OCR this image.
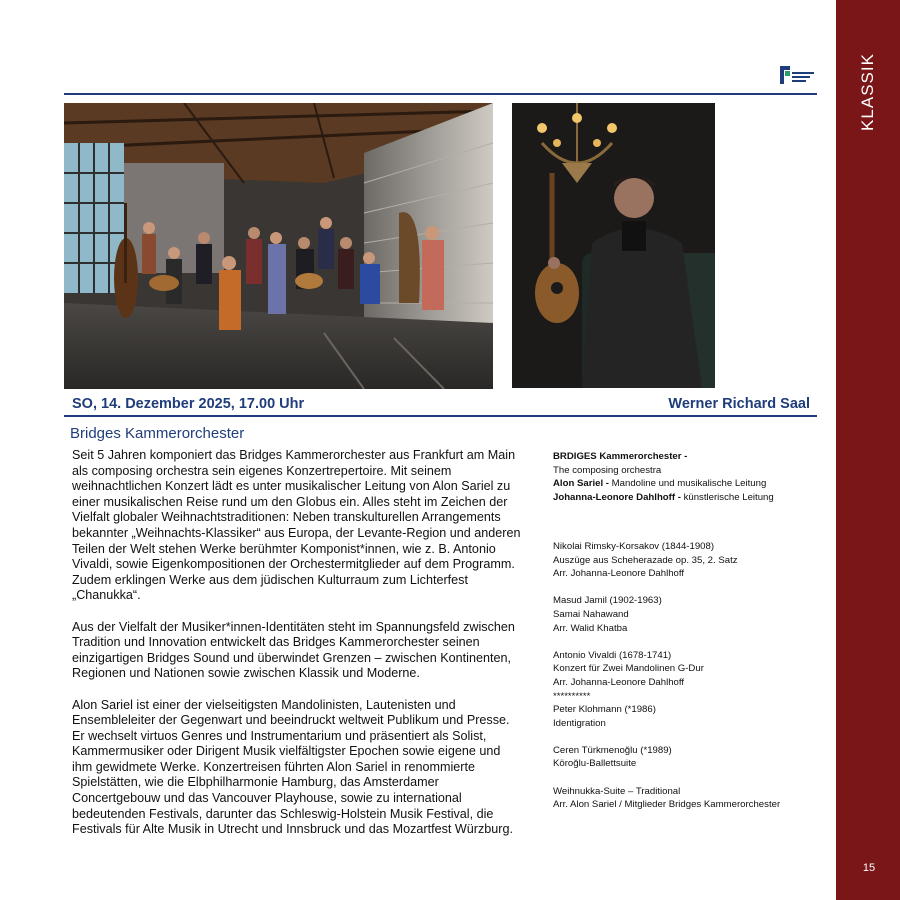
KLASSIK
15
SO, 14. Dezember 2025, 17.00 Uhr	Werner Richard Saal
Bridges Kammerorchester

Seit 5 Jahren komponiert das Bridges Kammerorchester aus Frankfurt am Main als composing orchestra sein eigenes Konzertrepertoire. Mit seinem weihnachtlichen Konzert lädt es unter musikalischer Leitung von Alon Sariel zu einer musikalischen Reise rund um den Globus ein. Alles steht im Zeichen der Vielfalt globaler Weihnachtstraditionen: Neben transkulturellen Arrangements bekannter „Weihnachts-Klassiker“ aus Europa, der Levante-Region und anderen Teilen der Welt stehen Werke berühmter Komponist*innen, wie z. B. Antonio Vivaldi, sowie Eigenkompositionen der Orchestermitglieder auf dem Programm. Zudem erklingen Werke aus dem jüdischen Kulturraum zum Lichterfest „Chanukka“.

Aus der Vielfalt der Musiker*innen-Identitäten steht im Spannungsfeld zwischen Tradition und Innovation entwickelt das Bridges Kammerorchester seinen einzigartigen Bridges Sound und überwindet Grenzen – zwischen Kontinenten, Regionen und Nationen sowie zwischen Klassik und Moderne.

Alon Sariel ist einer der vielseitigsten Mandolinisten, Lautenisten und Ensembleleiter der Gegenwart und beeindruckt weltweit Publikum und Presse. Er wechselt virtuos Genres und Instrumentarium und präsentiert als Solist, Kammermusiker oder Dirigent Musik vielfältigster Epochen sowie eigene und ihm gewidmete Werke. Konzertreisen führten Alon Sariel in renommierte Spielstätten, wie die Elbphilharmonie Hamburg, das Amsterdamer Concertgebouw und das Vancouver Playhouse, sowie zu international bedeutenden Festivals, darunter das Schleswig-Holstein Musik Festival, die Festivals für Alte Musik in Utrecht und Innsbruck und das Mozartfest Würzburg.

BRDIGES Kammerorchester -
The composing orchestra
Alon Sariel - Mandoline und musikalische Leitung
Johanna-Leonore Dahlhoff - künstlerische Leitung
Nikolai Rimsky-Korsakov (1844-1908)
Auszüge aus Scheherazade op. 35, 2. Satz
Arr. Johanna-Leonore Dahlhoff
Masud Jamil (1902-1963)
Samai Nahawand
Arr. Walid Khatba
Antonio Vivaldi (1678-1741)
Konzert für Zwei Mandolinen G-Dur
Arr. Johanna-Leonore Dahlhoff
**********
Peter Klohmann (*1986)
Identigration
Ceren Türkmenoğlu (*1989)
Köroğlu-Ballettsuite
Weihnukka-Suite – Traditional
Arr. Alon Sariel / Mitglieder Bridges Kammerorchester
